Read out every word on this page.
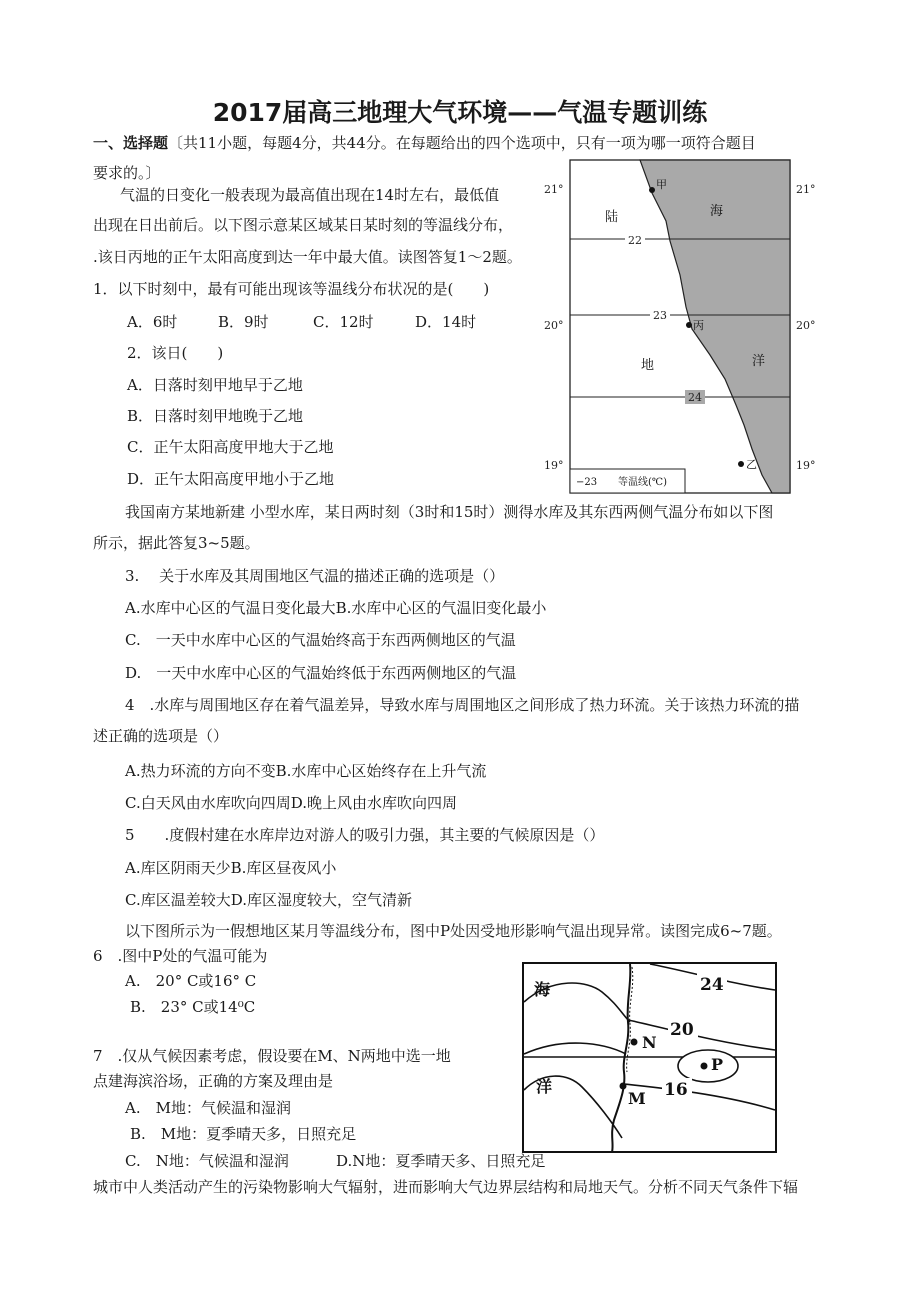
2017届高三地理大气环境——气温专题训练
一、选择题〔共11小题，每题4分，共44分。在每题给出的四个选项中，只有一项为哪一项符合题目
要求的。〕
气温的日变化一般表现为最高值出现在14时左右，最低值
出现在日出前后。以下图示意某区域某日某时刻的等温线分布，
.该日丙地的正午太阳高度到达一年中最大值。读图答复1～2题。
1．以下时刻中，最有可能出现该等温线分布状况的是(　　)
A．6时	B．9时	C．12时	D．14时
2．该日(　　)
A．日落时刻甲地早于乙地
B．日落时刻甲地晚于乙地
C．正午太阳高度甲地大于乙地
D．正午太阳高度甲地小于乙地
22
23
24
21°	21°
20°	20°
19°	19°
甲
丙
乙
陆
地
海
洋
−23 等温线(℃)
我国南方某地新建 小型水库，某日两时刻（3时和15时）测得水库及其东西两侧气温分布如以下图
所示，据此答复3~5题。
3.　 关于水库及其周围地区气温的描述正确的选项是（）
A.水库中心区的气温日变化最大B.水库中心区的气温旧变化最小
C.　一天中水库中心区的气温始终高于东西两侧地区的气温
D.　一天中水库中心区的气温始终低于东西两侧地区的气温
4　.水库与周围地区存在着气温差异，导致水库与周围地区之间形成了热力环流。关于该热力环流的描
述正确的选项是（）
A.热力环流的方向不变B.水库中心区始终存在上升气流
C.白天风由水库吹向四周D.晚上风由水库吹向四周
5　　.度假村建在水库岸边对游人的吸引力强，其主要的气候原因是（）
A.库区阴雨天少B.库区昼夜风小
C.库区温差较大D.库区湿度较大，空气清新
以下图所示为一假想地区某月等温线分布，图中P处因受地形影响气温出现异常。读图完成6~7题。
6　.图中P处的气温可能为
A.　20° C或16° C
B.　23° C或14⁰C
7　.仅从气候因素考虑，假设要在M、N两地中选一地
点建海滨浴场，正确的方案及理由是
A.　M地：气候温和湿润
B.　M地：夏季晴天多，日照充足
C.　N地：气候温和湿润	D.N地：夏季晴天多、日照充足
24
20
16
海
洋
N
P
M
城市中人类活动产生的污染物影响大气辐射，进而影响大气边界层结构和局地天气。分析不同天气条件下辐
